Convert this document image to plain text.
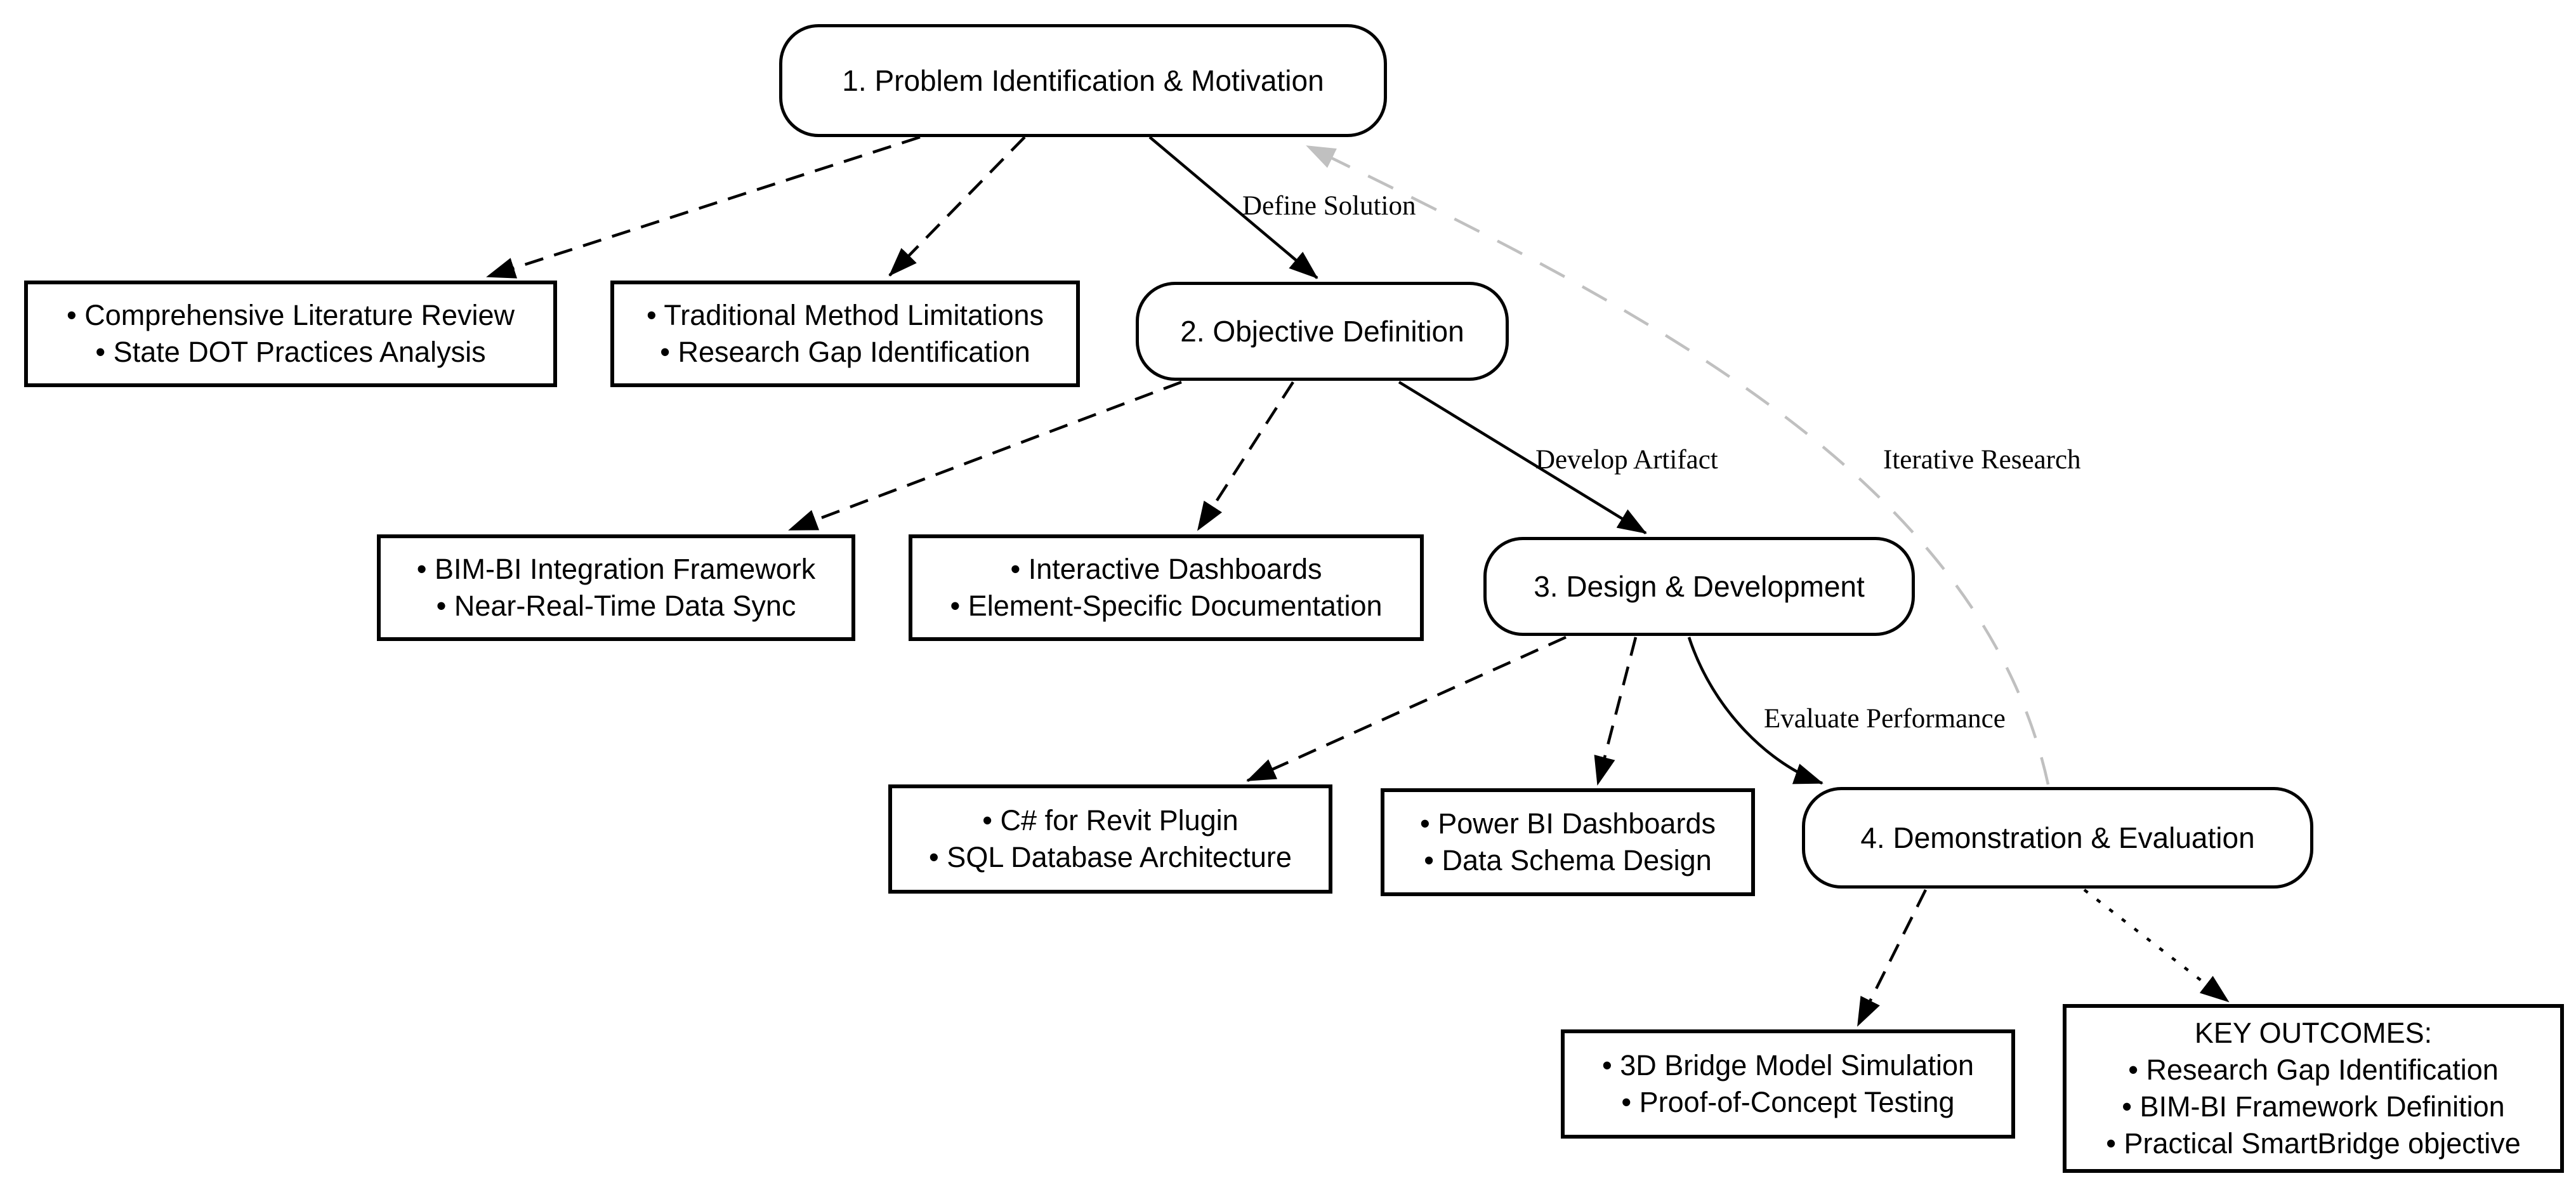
1. Problem Identification & Motivation
2. Objective Definition
3. Design & Development
4. Demonstration & Evaluation
• Comprehensive Literature Review
• State DOT Practices Analysis
• Traditional Method Limitations
• Research Gap Identification
• BIM-BI Integration Framework
• Near-Real-Time Data Sync
• Interactive Dashboards
• Element-Specific Documentation
• C# for Revit Plugin
• SQL Database Architecture
• Power BI Dashboards
• Data Schema Design
• 3D Bridge Model Simulation
• Proof-of-Concept Testing
KEY OUTCOMES:
• Research Gap Identification
• BIM-BI Framework Definition
• Practical SmartBridge objective
Define Solution
Develop Artifact	Iterative Research
Evaluate Performance
